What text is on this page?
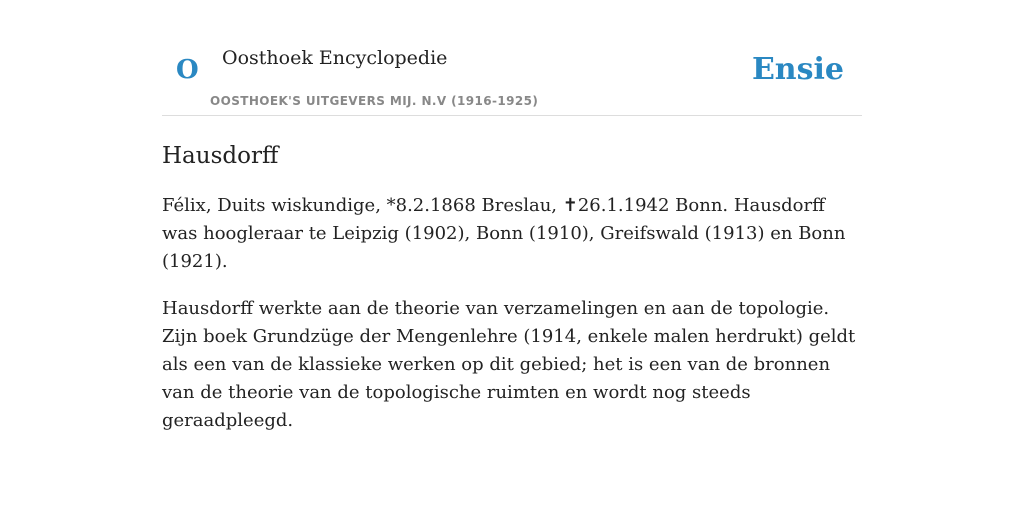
O Oosthoek Encyclopedie
OOSTHOEK'S UITGEVERS MIJ. N.V (1916-1925)
Ensie
Hausdorff

Félix, Duits wiskundige, *8.2.1868 Breslau, ✝26.1.1942 Bonn. Hausdorff was hoogleraar te Leipzig (1902), Bonn (1910), Greifswald (1913) en Bonn (1921).

Hausdorff werkte aan de theorie van verzamelingen en aan de topologie. Zijn boek Grundzüge der Mengenlehre (1914, enkele malen herdrukt) geldt als een van de klassieke werken op dit gebied; het is een van de bronnen van de theorie van de topologische ruimten en wordt nog steeds geraadpleegd.
